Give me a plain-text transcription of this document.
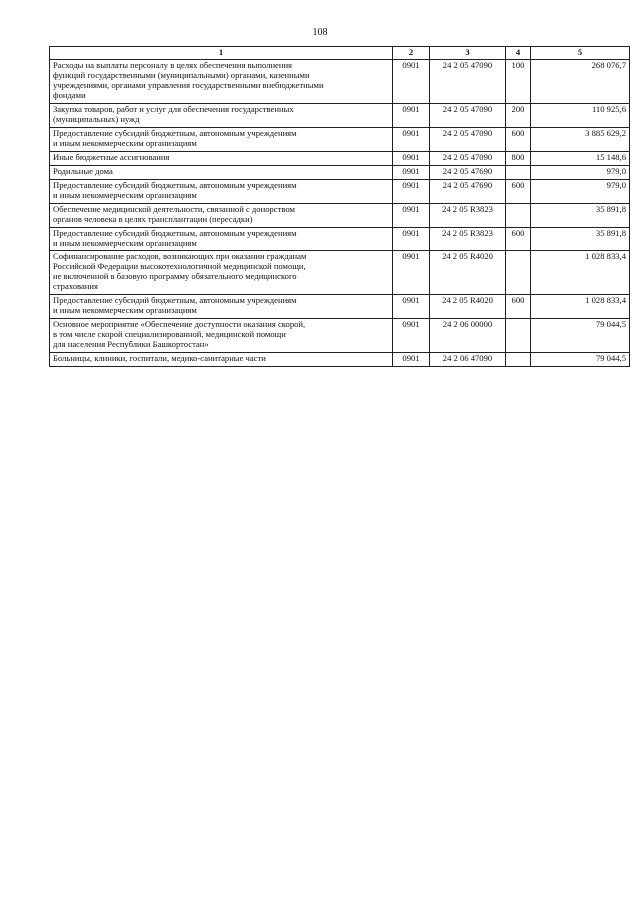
108
1	2	3	4	5

Расходы на выплаты персоналу в целях обеспечения выполнения
функций государственными (муниципальными) органами, казенными
учреждениями, органами управления государственными внебюджетными
фондами	0901	24 2 05 47090	100	268 076,7

Закупка товаров, работ и услуг для обеспечения государственных
(муниципальных) нужд	0901	24 2 05 47090	200	110 925,6

Предоставление субсидий бюджетным, автономным учреждениям
и иным некоммерческим организациям	0901	24 2 05 47090	600	3 885 629,2

Иные бюджетные ассигнования	0901	24 2 05 47090	800	15 148,6

Родильные дома	0901	24 2 05 47690		979,0

Предоставление субсидий бюджетным, автономным учреждениям
и иным некоммерческим организациям	0901	24 2 05 47690	600	979,0

Обеспечение медицинской деятельности, связанной с донорством
органов человека в целях трансплантации (пересадки)	0901	24 2 05 R3823		35 891,8

Предоставление субсидий бюджетным, автономным учреждениям
и иным некоммерческим организациям	0901	24 2 05 R3823	600	35 891,8

Софинансирование расходов, возникающих при оказании гражданам
Российской Федерации высокотехнологичной медицинской помощи,
не включенной в базовую программу обязательного медицинского
страхования	0901	24 2 05 R4020		1 028 833,4

Предоставление субсидий бюджетным, автономным учреждениям
и иным некоммерческим организациям	0901	24 2 05 R4020	600	1 028 833,4

Основное мероприятие «Обеспечение доступности оказания скорой,
в том числе скорой специализированной, медицинской помощи
для населения Республики Башкортостан»	0901	24 2 06 00000		79 044,5

Больницы, клиники, госпитали, медико-санитарные части	0901	24 2 06 47090		79 044,5
